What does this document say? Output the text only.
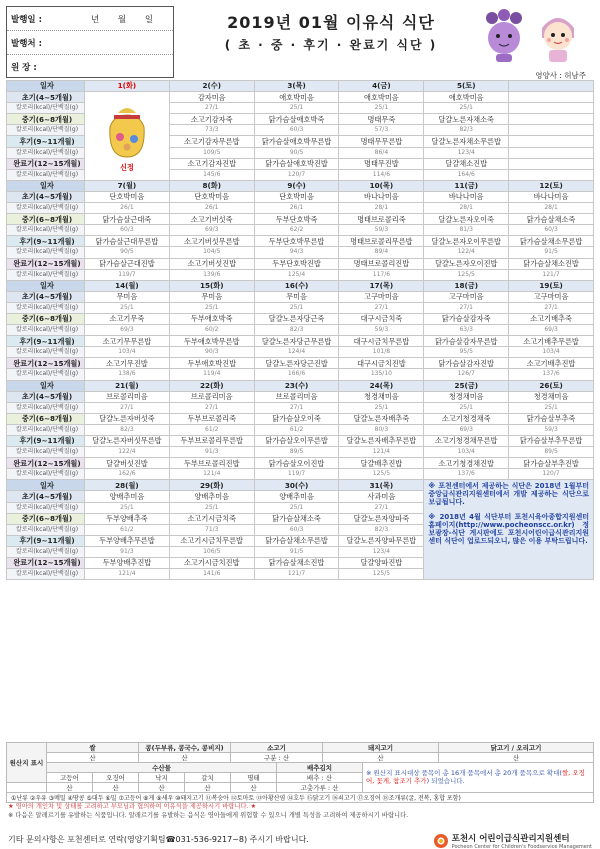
발행일 :	년 월 일
발행처 :
원 장 :
2019년 01월 이유식 식단
( 초 · 중 · 후기 · 완료기 식단 )
영양사 : 허남주
일자	1(화)	2(수)	3(목)	4(금)	5(토)	
초기(4~5개월)	신정	감자미음	애호박미음	애호박미음	애호박미음	
칼로리(kcal)/단백질(g)		27/1	25/1	25/1	25/1	
중기(6~8개월)		소고기감자죽	닭가슴살애호박죽	명태무죽	달걀노른자채소죽	
칼로리(kcal)/단백질(g)		73/3	60/3	57/3	82/3	
후기(9~11개월)		소고기감자무른밥	닭가슴살애호박무른밥	명태무무른밥	달걀노른자채소무른밥	
칼로리(kcal)/단백질(g)		109/5	90/5	86/4	123/4	
완료기(12~15개월)		소고기감자진밥	닭가슴살애호박진밥	명태무진밥	달걀채소진밥	
칼로리(kcal)/단백질(g)		145/6	120/7	114/6	164/6	
일자	7(월)	8(화)	9(수)	10(목)	11(금)	12(토)
초기(4~5개월)	단호박미음	단호박미음	단호박미음	바나나미음	바나나미음	바나나미음
칼로리(kcal)/단백질(g)	26/1	26/1	26/1	28/1	28/1	28/1
중기(6~8개월)	닭가슴살근대죽	소고기버섯죽	두부단호박죽	명태브로콜리죽	달걀노른자오이죽	닭가슴살채소죽
칼로리(kcal)/단백질(g)	60/3	69/3	62/2	59/3	81/3	60/3
후기(9~11개월)	닭가슴살근대무른밥	소고기버섯무른밥	두부단호박무른밥	명태브로콜리무른밥	달걀노른자오이무른밥	닭가슴살채소무른밥
칼로리(kcal)/단백질(g)	90/5	104/5	94/3	89/4	122/4	91/5
완료기(12~15개월)	닭가슴살근대진밥	소고기버섯진밥	두부단호박진밥	명태브로콜리진밥	달걀노른자오이진밥	닭가슴살채소진밥
칼로리(kcal)/단백질(g)	119/7	139/6	125/4	117/6	125/5	121/7
일자	14(월)	15(화)	16(수)	17(목)	18(금)	19(토)
초기(4~5개월)	무미음	무미음	무미음	고구마미음	고구마미음	고구마미음
칼로리(kcal)/단백질(g)	25/1	25/1	25/1	27/1	27/1	27/1
중기(6~8개월)	소고기무죽	두부애호박죽	달걀노른자당근죽	대구시금치죽	닭가슴살감자죽	소고기배추죽
칼로리(kcal)/단백질(g)	69/3	60/2	82/3	59/3	63/3	69/3
후기(9~11개월)	소고기무무른밥	두부애호박무른밥	달걀노른자당근무른밥	대구시금치무른밥	닭가슴살감자무른밥	소고기배추무른밥
칼로리(kcal)/단백질(g)	103/4	90/3	124/4	101/8	95/5	103/4
완료기(12~15개월)	소고기무진밥	두부애호박진밥	달걀노른자당근진밥	대구시금치진밥	닭가슴살감자진밥	소고기배추진밥
칼로리(kcal)/단백질(g)	138/6	119/4	166/6	135/10	126/7	137/6
일자	21(월)	22(화)	23(수)	24(목)	25(금)	26(토)
초기(4~5개월)	브로콜리미음	브로콜리미음	브로콜리미음	청경채미음	청경채미음	청경채미음
칼로리(kcal)/단백질(g)	27/1	27/1	27/1	25/1	25/1	25/1
중기(6~8개월)	달걀노른자버섯죽	두부브로콜리죽	닭가슴살오이죽	달걀노른자배추죽	소고기청경채죽	닭가슴살부추죽
칼로리(kcal)/단백질(g)	82/3	61/2	61/2	80/3	69/3	59/3
후기(9~11개월)	달걀노른자버섯무른밥	두부브로콜리무른밥	닭가슴살오이무른밥	달걀노른자배추무른밥	소고기청경채무른밥	닭가슴살부추무른밥
칼로리(kcal)/단백질(g)	122/4	91/3	89/5	121/4	103/4	89/5
완료기(12~15개월)	달걀버섯진밥	두부브로콜리진밥	닭가슴살오이진밥	달걀배추진밥	소고기청경채진밥	닭가슴살부추진밥
칼로리(kcal)/단백질(g)	162/6	121/4	119/7	125/5	137/6	120/7
일자	28(월)	29(화)	30(수)	31(목)	※ 포천센터에서 제공하는 식단은 2018년 1월부터 중앙급식관리지원센터에서 개발 제공하는 식단으로 보급됩니다.
※ 2018년 4월 식단부터 포천시육아종합지원센터 홈페이지(http://www.pocheonscc.or.kr) 정보광장-식단 게시판에도 포천시어린이급식관리지원센터 식단이 업로드되오니, 많은 이용 부탁드립니다.	

초기(4~5개월)	양배추미음	양배추미음	양배추미음	사과미음		
칼로리(kcal)/단백질(g)	25/1	25/1	25/1	27/1		
중기(6~8개월)	두부양배추죽	소고기시금치죽	닭가슴살채소죽	달걀노른자양파죽		
칼로리(kcal)/단백질(g)	61/2	71/3	60/3	82/3		
후기(9~11개월)	두부양배추무른밥	소고기시금치무른밥	닭가슴살채소무른밥	달걀노른자양파무른밥		
칼로리(kcal)/단백질(g)	91/3	106/5	91/5	123/4		
완료기(12~15개월)	두부양배추진밥	소고기시금치진밥	닭가슴살채소진밥	달걀양파진밥		
칼로리(kcal)/단백질(g)	121/4	141/6	121/7	125/5		
원산지 표시	쌀		콩(두부류, 콩국수, 콩비지)		소고기		돼지고기		닭고기 / 오리고기
	산		산		구분 : 산		산		산
	수산물					배추김치		※ 원산지 표시대상 품목이 총 16개 품목에서 총 20개 품목으로 확대(쌀, 오징어, 꽃게, 참조기 추가) 되었습니다.	
	고등어	오징어	낙지	갈치	명태	배추 : 산			
	산	산	산	산	산	고춧가루 : 산			
①난류 ②우유 ③메밀 ④땅콩 ⑤대두 ⑥밀 ⑦고등어 ⑧게 ⑨새우 ⑩돼지고기 ⑪복숭아 ⑫토마토 ⑬아황산염 ⑭호두 ⑮닭고기 ⑯쇠고기 ⑰오징어 ⑱조개류(굴, 전복, 홍합 포함)									
★ 영아의 개인차 및 상태를 고려하고 부모님과 협의하여 이유식을 제공하시기 바랍니다. ★
※ 다음은 알레르기를 유발하는 식품입니다. 알레르기를 유발하는 음식은 영아들에게 위험할 수 있으니 개별 특성을 고려하여 제공하시기 바랍니다.
기타 문의사항은 포천센터로 연락(영양기획팀☎031-536-9217~8) 주시기 바랍니다.	포천시 어린이급식관리지원센터
Pocheon Center for Children's Foodservice Management
